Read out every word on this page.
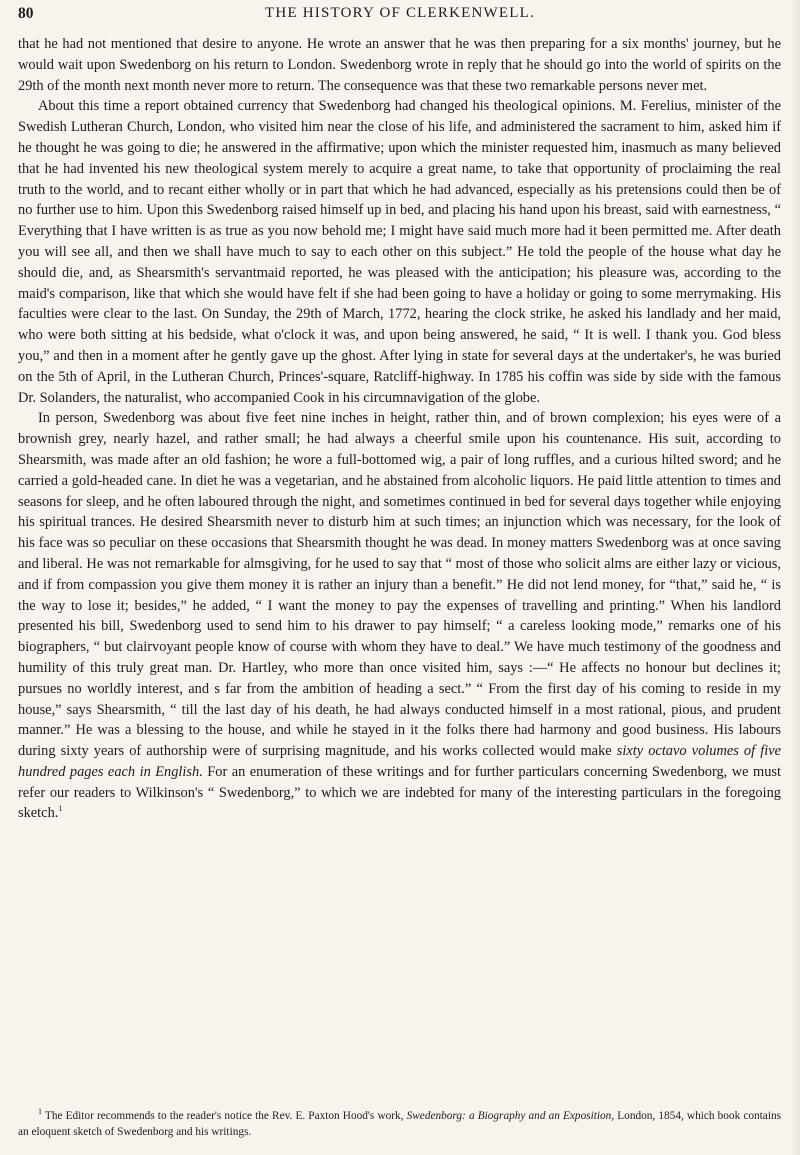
80	THE HISTORY OF CLERKENWELL.

that he had not mentioned that desire to anyone. He wrote an answer that he was then preparing for a six months' journey, but he would wait upon Swedenborg on his return to London. Swedenborg wrote in reply that he should go into the world of spirits on the 29th of the month next month never more to return. The consequence was that these two remarkable persons never met.

About this time a report obtained currency that Swedenborg had changed his theological opinions. M. Ferelius, minister of the Swedish Lutheran Church, London, who visited him near the close of his life, and administered the sacrament to him, asked him if he thought he was going to die; he answered in the affirmative; upon which the minister requested him, inasmuch as many believed that he had invented his new theological system merely to acquire a great name, to take that opportunity of proclaiming the real truth to the world, and to recant either wholly or in part that which he had advanced, especially as his pretensions could then be of no further use to him. Upon this Swedenborg raised himself up in bed, and placing his hand upon his breast, said with earnestness, “ Everything that I have written is as true as you now behold me; I might have said much more had it been permitted me. After death you will see all, and then we shall have much to say to each other on this subject.” He told the people of the house what day he should die, and, as Shearsmith's servantmaid reported, he was pleased with the anticipation; his pleasure was, according to the maid's comparison, like that which she would have felt if she had been going to have a holiday or going to some merrymaking. His faculties were clear to the last. On Sunday, the 29th of March, 1772, hearing the clock strike, he asked his landlady and her maid, who were both sitting at his bedside, what o'clock it was, and upon being answered, he said, “ It is well. I thank you. God bless you,” and then in a moment after he gently gave up the ghost. After lying in state for several days at the undertaker's, he was buried on the 5th of April, in the Lutheran Church, Princes'-square, Ratcliff-highway. In 1785 his coffin was side by side with the famous Dr. Solanders, the naturalist, who accompanied Cook in his circumnavigation of the globe.

In person, Swedenborg was about five feet nine inches in height, rather thin, and of brown complexion; his eyes were of a brownish grey, nearly hazel, and rather small; he had always a cheerful smile upon his countenance. His suit, according to Shearsmith, was made after an old fashion; he wore a full-bottomed wig, a pair of long ruffles, and a curious hilted sword; and he carried a gold-headed cane. In diet he was a vegetarian, and he abstained from alcoholic liquors. He paid little attention to times and seasons for sleep, and he often laboured through the night, and sometimes continued in bed for several days together while enjoying his spiritual trances. He desired Shearsmith never to disturb him at such times; an injunction which was necessary, for the look of his face was so peculiar on these occasions that Shearsmith thought he was dead. In money matters Swedenborg was at once saving and liberal. He was not remarkable for almsgiving, for he used to say that “ most of those who solicit alms are either lazy or vicious, and if from compassion you give them money it is rather an injury than a benefit.” He did not lend money, for “that,” said he, “ is the way to lose it; besides,” he added, “ I want the money to pay the expenses of travelling and printing.” When his landlord presented his bill, Swedenborg used to send him to his drawer to pay himself; “ a careless looking mode,” remarks one of his biographers, “ but clairvoyant people know of course with whom they have to deal.” We have much testimony of the goodness and humility of this truly great man. Dr. Hartley, who more than once visited him, says :—“ He affects no honour but declines it; pursues no worldly interest, and s far from the ambition of heading a sect.” “ From the first day of his coming to reside in my house,” says Shearsmith, “ till the last day of his death, he had always conducted himself in a most rational, pious, and prudent manner.” He was a blessing to the house, and while he stayed in it the folks there had harmony and good business. His labours during sixty years of authorship were of surprising magnitude, and his works collected would make sixty octavo volumes of five hundred pages each in English. For an enumeration of these writings and for further particulars concerning Swedenborg, we must refer our readers to Wilkinson's “ Swedenborg,” to which we are indebted for many of the interesting particulars in the foregoing sketch.$^1$

$^1$ The Editor recommends to the reader's notice the Rev. E. Paxton Hood's work, Swedenborg: a Biography and an Exposition, London, 1854, which book contains an eloquent sketch of Swedenborg and his writings.
